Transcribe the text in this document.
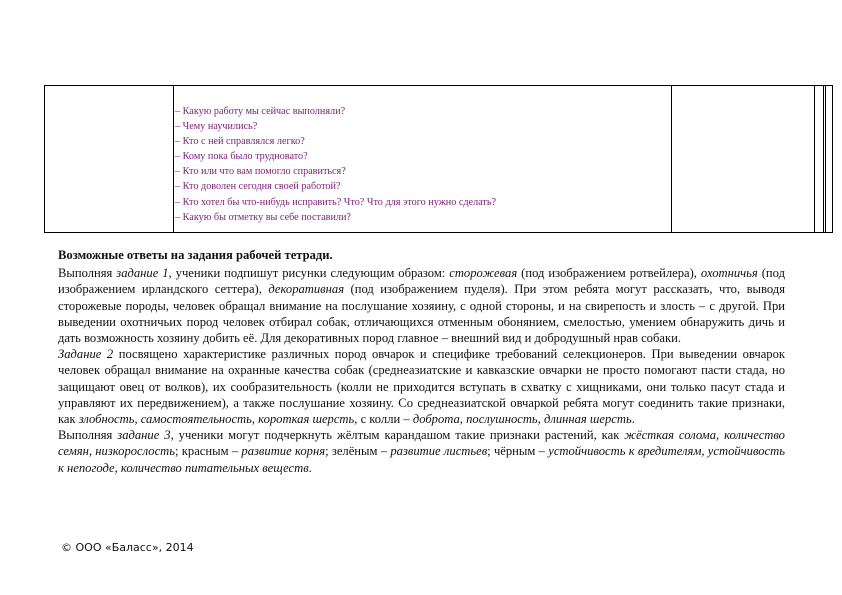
– Какую работу мы сейчас выполняли?
– Чему научились?
– Кто с ней справлялся легко?
– Кому пока было трудновато?
– Кто или что вам помогло справиться?
– Кто доволен сегодня своей работой?
– Кто хотел бы что-нибудь исправить? Что? Что для этого нужно сделать?
– Какую бы отметку вы себе поставили?

Возможные ответы на задания рабочей тетради.

Выполняя задание 1, ученики подпишут рисунки следующим образом: сторожевая (под изображением ротвейлера), охотничья (под изображением ирландского сеттера), декоративная (под изображением пуделя). При этом ребята могут рассказать, что, выводя сторожевые породы, человек обращал внимание на послушание хозяину, с одной стороны, и на свирепость и злость – с другой. При выведении охотничьих пород человек отбирал собак, отличающихся отменным обонянием, смелостью, умением обнаружить дичь и дать возможность хозяину добить её. Для декоративных пород главное – внешний вид и добродушный нрав собаки.

Задание 2 посвящено характеристике различных пород овчарок и специфике требований селекционеров. При выведении овчарок человек обращал внимание на охранные качества собак (среднеазиатские и кавказские овчарки не просто помогают пасти стада, но защищают овец от волков), их сообразительность (колли не приходится вступать в схватку с хищниками, они только пасут стада и управляют их передвижением), а также послушание хозяину. Со среднеазиатской овчаркой ребята могут соединить такие признаки, как злобность, самостоятельность, короткая шерсть, с колли – доброта, послушность, длинная шерсть.

Выполняя задание 3, ученики могут подчеркнуть жёлтым карандашом такие признаки растений, как жёсткая солома, количество семян, низкорослость; красным – развитие корня; зелёным – развитие листьев; чёрным – устойчивость к вредителям, устойчивость к непогоде, количество питательных веществ.

© ООО «Баласс», 2014
